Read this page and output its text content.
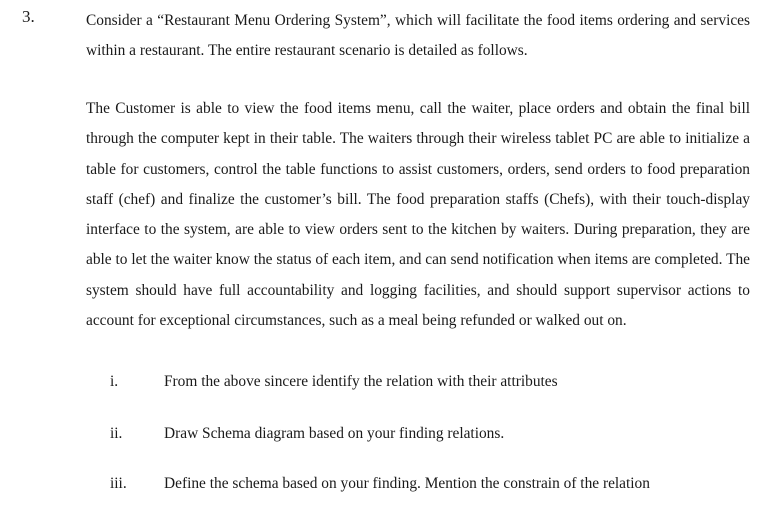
3.	Consider a “Restaurant Menu Ordering System”, which will facilitate the food items ordering and services within a restaurant. The entire restaurant scenario is detailed as follows.
The Customer is able to view the food items menu, call the waiter, place orders and obtain the final bill through the computer kept in their table. The waiters through their wireless tablet PC are able to initialize a table for customers, control the table functions to assist customers, orders, send orders to food preparation staff (chef) and finalize the customer’s bill. The food preparation staffs (Chefs), with their touch-display interface to the system, are able to view orders sent to the kitchen by waiters. During preparation, they are able to let the waiter know the status of each item, and can send notification when items are completed. The system should have full accountability and logging facilities, and should support supervisor actions to account for exceptional circumstances, such as a meal being refunded or walked out on.
i.	From the above sincere identify the relation with their attributes
ii.	Draw Schema diagram based on your finding relations.
iii. Define the schema based on your finding. Mention the constrain of the relation
